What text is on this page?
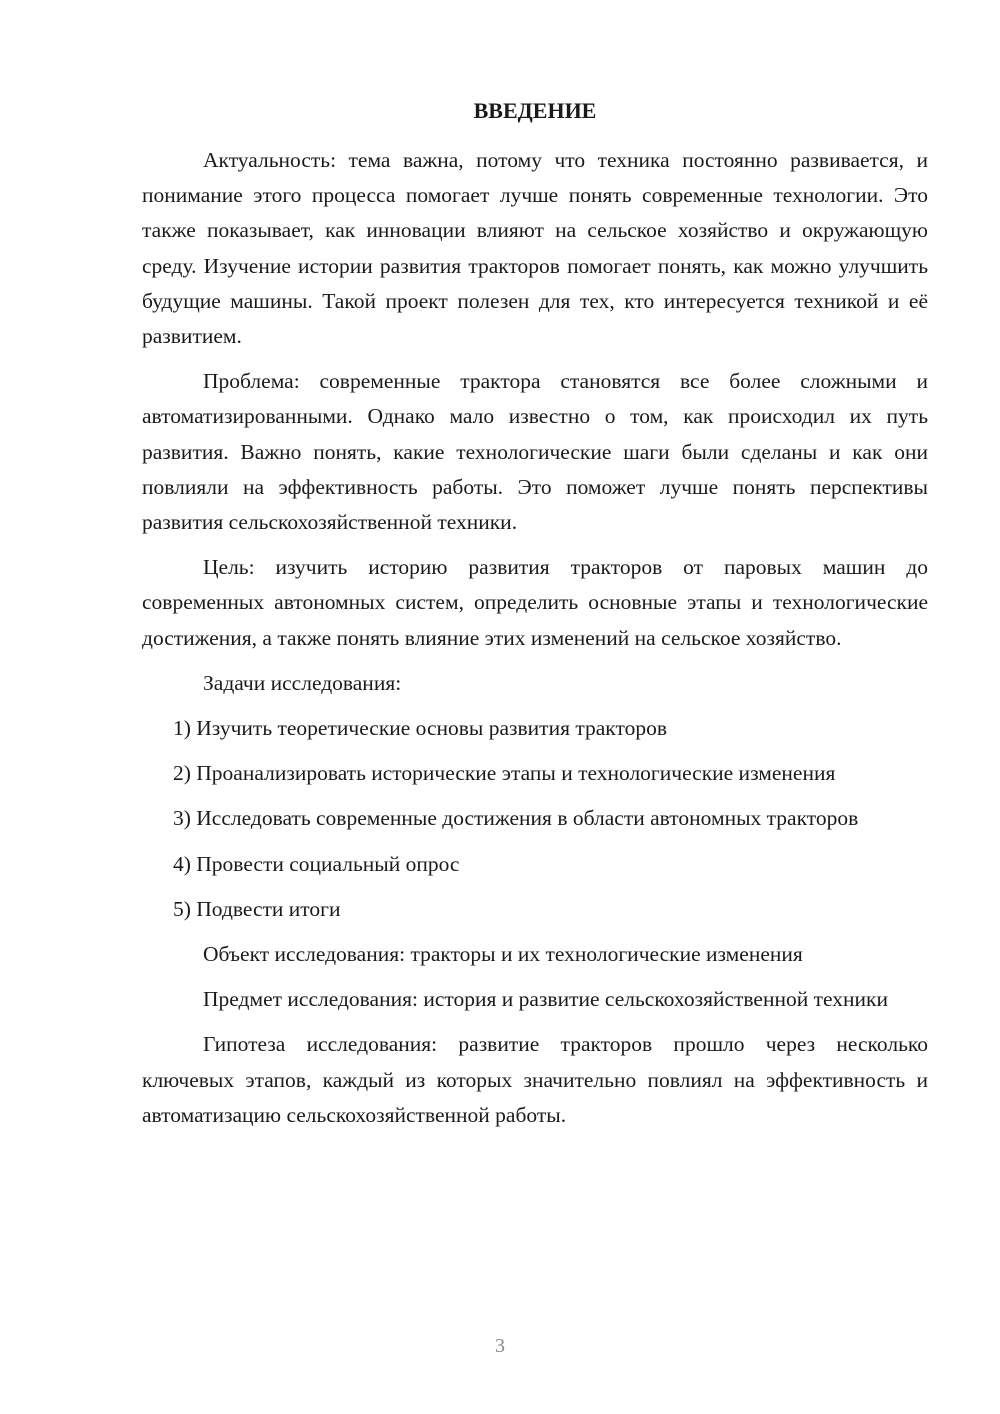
ВВЕДЕНИЕ

Актуальность: тема важна, потому что техника постоянно развивается, и понимание этого процесса помогает лучше понять современные технологии. Это также показывает, как инновации влияют на сельское хозяйство и окружающую среду. Изучение истории развития тракторов помогает понять, как можно улучшить будущие машины. Такой проект полезен для тех, кто интересуется техникой и её развитием.

Проблема: современные трактора становятся все более сложными и автоматизированными. Однако мало известно о том, как происходил их путь развития. Важно понять, какие технологические шаги были сделаны и как они повлияли на эффективность работы. Это поможет лучше понять перспективы развития сельскохозяйственной техники.

Цель: изучить историю развития тракторов от паровых машин до современных автономных систем, определить основные этапы и технологические достижения, а также понять влияние этих изменений на сельское хозяйство.

Задачи исследования:

1) Изучить теоретические основы развития тракторов

2) Проанализировать исторические этапы и технологические изменения

3) Исследовать современные достижения в области автономных тракторов

4) Провести социальный опрос

5) Подвести итоги

Объект исследования: тракторы и их технологические изменения

Предмет исследования: история и развитие сельскохозяйственной техники

Гипотеза исследования: развитие тракторов прошло через несколько ключевых этапов, каждый из которых значительно повлиял на эффективность и автоматизацию сельскохозяйственной работы.

3
